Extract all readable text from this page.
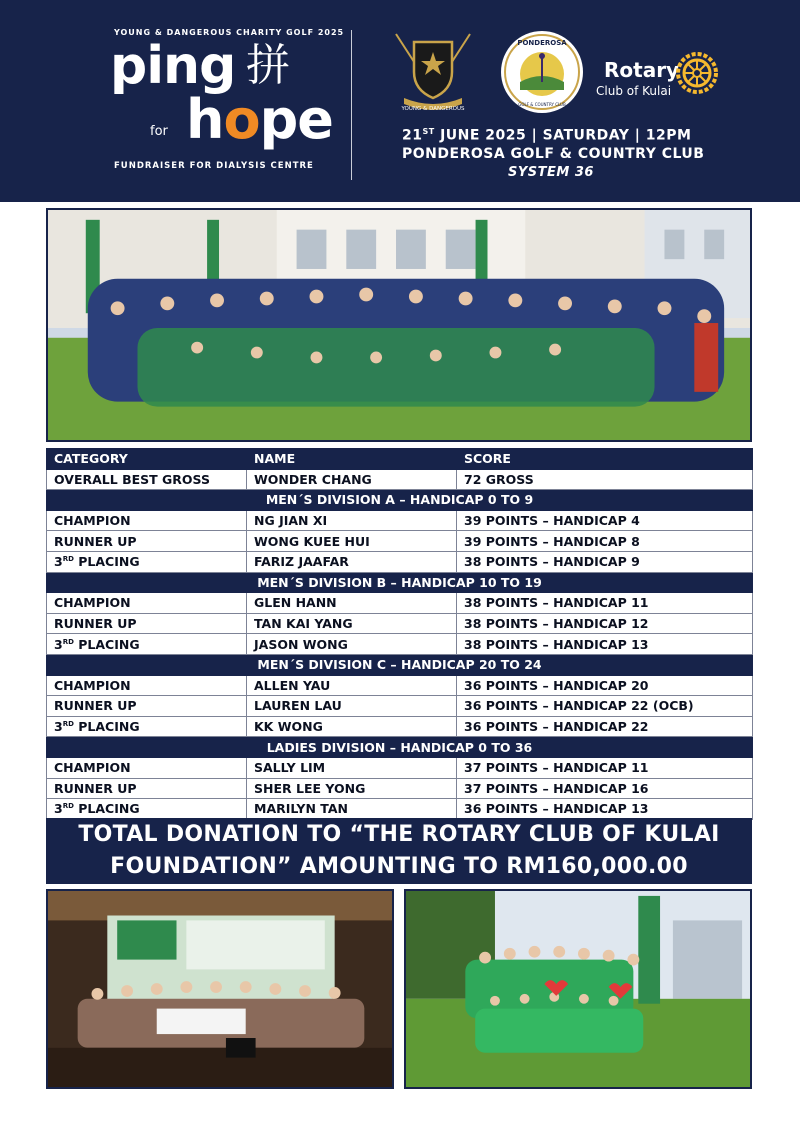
YOUNG & DANGEROUS CHARITY GOLF 2025
ping 拼
for hope
FUNDRAISER FOR DIALYSIS CENTRE
YOUNG & DANGEROUS
PONDEROSA
GOLF & COUNTRY CLUB
Rotary
Club of Kulai
21ST JUNE 2025 | SATURDAY | 12PM
PONDEROSA GOLF & COUNTRY CLUB
SYSTEM 36
CATEGORY	NAME	SCORE
OVERALL BEST GROSS	WONDER CHANG	72 GROSS
MEN´S DIVISION A – HANDICAP 0 TO 9		
CHAMPION	NG JIAN XI	39 POINTS – HANDICAP 4
RUNNER UP	WONG KUEE HUI	39 POINTS – HANDICAP 8
3RD PLACING	FARIZ JAAFAR	38 POINTS – HANDICAP 9
MEN´S DIVISION B – HANDICAP 10 TO 19		
CHAMPION	GLEN HANN	38 POINTS – HANDICAP 11
RUNNER UP	TAN KAI YANG	38 POINTS – HANDICAP 12
3RD PLACING	JASON WONG	38 POINTS – HANDICAP 13
MEN´S DIVISION C – HANDICAP 20 TO 24		
CHAMPION	ALLEN YAU	36 POINTS – HANDICAP 20
RUNNER UP	LAUREN LAU	36 POINTS – HANDICAP 22 (OCB)
3RD PLACING	KK WONG	36 POINTS – HANDICAP 22
LADIES DIVISION – HANDICAP 0 TO 36		
CHAMPION	SALLY LIM	37 POINTS – HANDICAP 11
RUNNER UP	SHER LEE YONG	37 POINTS – HANDICAP 16
3RD PLACING	MARILYN TAN	36 POINTS – HANDICAP 13
TOTAL DONATION TO “THE ROTARY CLUB OF KULAI
FOUNDATION” AMOUNTING TO RM160,000.00
